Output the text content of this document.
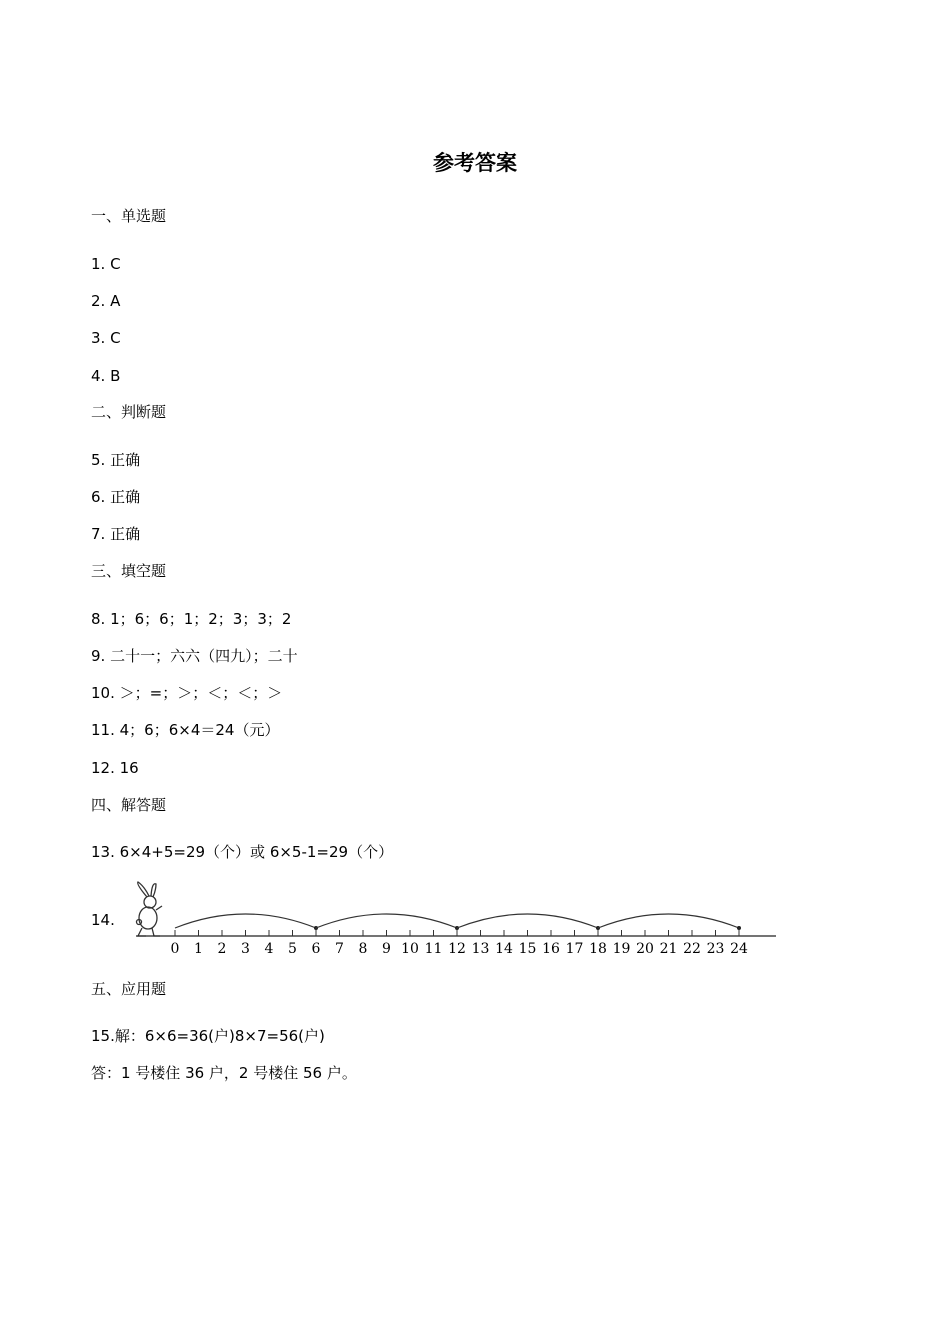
参考答案
一、单选题
1. C
2. A
3. C
4. B
二、判断题
5. 正确
6. 正确
7. 正确
三、填空题
8. 1；6；6；1；2；3；3；2
9. 二十一；六六（四九）；二十
10. ＞；=；＞；＜；＜；＞
11. 4；6；6×4＝24（元）
12. 16
四、解答题
13. 6×4+5=29（个）或 6×5-1=29（个）
14.
0 1 2 3 4 5 6 7 8 9 10 11 12 13 14 15 16 17 18 19 20 21 22 23 24
五、应用题
15.解：6×6=36(户)8×7=56(户)
答：1 号楼住 36 户，2 号楼住 56 户。
